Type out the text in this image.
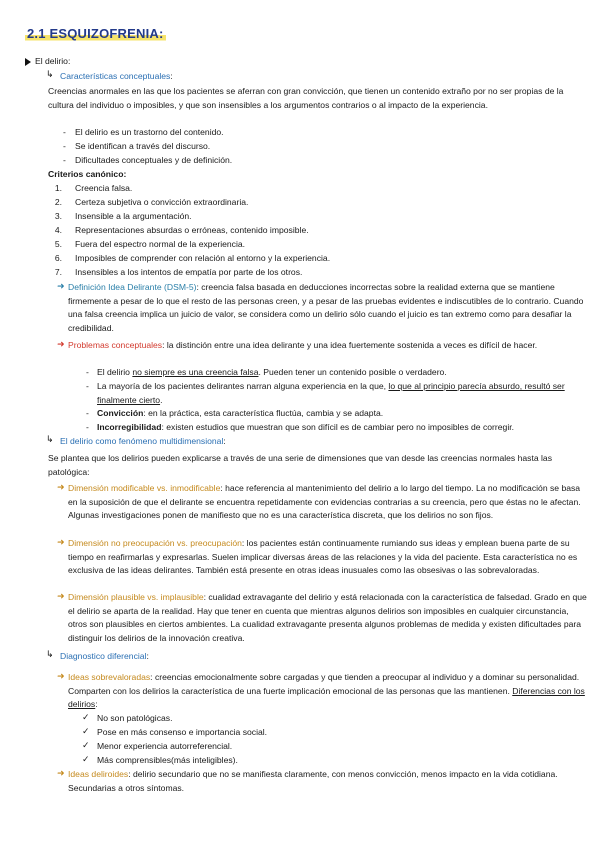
2.1 ESQUIZOFRENIA:
El delirio:
↳ Características conceptuales:

Creencias anormales en las que los pacientes se aferran con gran convicción, que tienen un contenido extraño por no ser propias de la cultura del individuo o imposibles, y que son insensibles a los argumentos contrarios o al impacto de la experiencia.

- El delirio es un trastorno del contenido.
- Se identifican a través del discurso.
- Dificultades conceptuales y de definición.
Criterios canónico:
1. Creencia falsa.
2. Certeza subjetiva o convicción extraordinaria.
3. Insensible a la argumentación.
4. Representaciones absurdas o erróneas, contenido imposible.
5. Fuera del espectro normal de la experiencia.
6. Imposibles de comprender con relación al entorno y la experiencia.
7. Insensibles a los intentos de empatía por parte de los otros.
➜ Definición Idea Delirante (DSM-5): creencia falsa basada en deducciones incorrectas sobre la realidad externa que se mantiene firmemente a pesar de lo que el resto de las personas creen, y a pesar de las pruebas evidentes e indiscutibles de lo contrario. Cuando una falsa creencia implica un juicio de valor, se considera como un delirio sólo cuando el juicio es tan extremo como para desafiar la credibilidad.

➜ Problemas conceptuales: la distinción entre una idea delirante y una idea fuertemente sostenida a veces es difícil de hacer.

- El delirio no siempre es una creencia falsa. Pueden tener un contenido posible o verdadero.
- La mayoría de los pacientes delirantes narran alguna experiencia en la que, lo que al principio parecía absurdo, resultó ser finalmente cierto.

- Convicción: en la práctica, esta característica fluctúa, cambia y se adapta.
- Incorregibilidad: existen estudios que muestran que son difícil es de cambiar pero no imposibles de corregir.
↳ El delirio como fenómeno multidimensional:

Se plantea que los delirios pueden explicarse a través de una serie de dimensiones que van desde las creencias normales hasta las patológica:

➜ Dimensión modificable vs. inmodificable: hace referencia al mantenimiento del delirio a lo largo del tiempo. La no modificación se basa en la suposición de que el delirante se encuentra repetidamente con evidencias contrarias a su creencia, pero que éstas no le afectan. Algunas investigaciones ponen de manifiesto que no es una característica discreta, que los delirios no son fijos.

➜ Dimensión no preocupación vs. preocupación: los pacientes están continuamente rumiando sus ideas y emplean buena parte de su tiempo en reafirmarlas y expresarlas. Suelen implicar diversas áreas de las relaciones y la vida del paciente. Esta característica no es exclusiva de las ideas delirantes. También está presente en otras ideas inusuales como las obsesivas o las sobrevaloradas.

➜ Dimensión plausible vs. implausible: cualidad extravagante del delirio y está relacionada con la característica de falsedad. Grado en que el delirio se aparta de la realidad. Hay que tener en cuenta que mientras algunos delirios son imposibles en cualquier circunstancia, otros son plausibles en ciertos ambientes. La cualidad extravagante presenta algunos problemas de medida y existen dificultades para distinguir los delirios de la innovación creativa.

↳ Diagnostico diferencial:
➜ Ideas sobrevaloradas: creencias emocionalmente sobre cargadas y que tienden a preocupar al individuo y a dominar su personalidad. Comparten con los delirios la característica de una fuerte implicación emocional de las personas que las mantienen. Diferencias con los delirios:

✓ No son patológicas.
✓ Pose en más consenso e importancia social.
✓ Menor experiencia autorreferencial.
✓ Más comprensibles(más inteligibles).
➜ Ideas deliroides: delirio secundario que no se manifiesta claramente, con menos convicción, menos impacto en la vida cotidiana. Secundarias a otros síntomas.
